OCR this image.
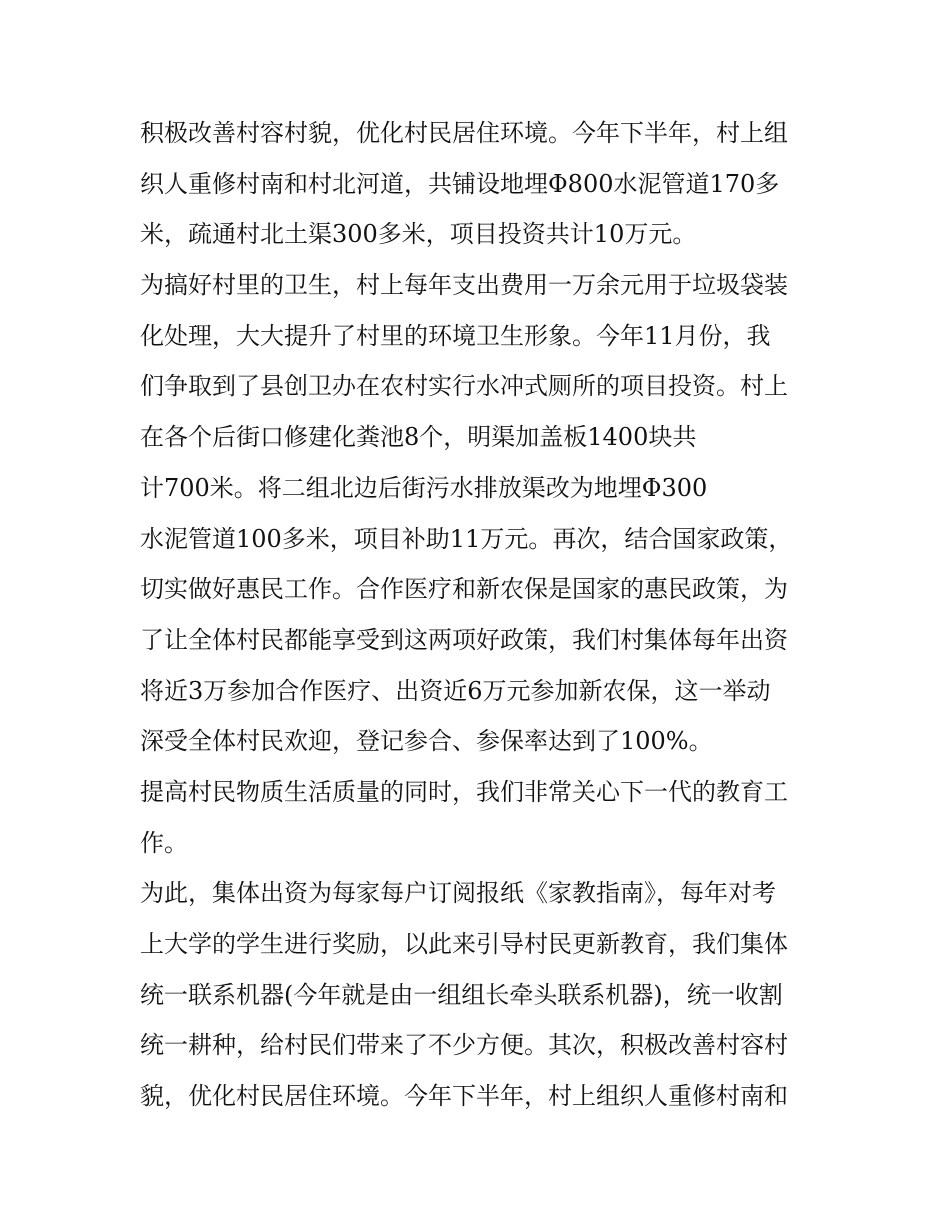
积极改善村容村貌，优化村民居住环境。今年下半年，村上组

织人重修村南和村北河道，共铺设地埋Φ800水泥管道170多

米，疏通村北土渠300多米，项目投资共计10万元。

为搞好村里的卫生，村上每年支出费用一万余元用于垃圾袋装

化处理，大大提升了村里的环境卫生形象。今年11月份，我

们争取到了县创卫办在农村实行水冲式厕所的项目投资。村上

在各个后街口修建化粪池8个，明渠加盖板1400块共

计700米。将二组北边后街污水排放渠改为地埋Φ300

水泥管道100多米，项目补助11万元。再次，结合国家政策，

切实做好惠民工作。合作医疗和新农保是国家的惠民政策，为

了让全体村民都能享受到这两项好政策，我们村集体每年出资

将近3万参加合作医疗、出资近6万元参加新农保，这一举动

深受全体村民欢迎，登记参合、参保率达到了100%。

提高村民物质生活质量的同时，我们非常关心下一代的教育工

作。

为此，集体出资为每家每户订阅报纸《家教指南》，每年对考

上大学的学生进行奖励，以此来引导村民更新教育，我们集体

统一联系机器(今年就是由一组组长牵头联系机器)，统一收割

统一耕种，给村民们带来了不少方便。其次，积极改善村容村

貌，优化村民居住环境。今年下半年，村上组织人重修村南和
